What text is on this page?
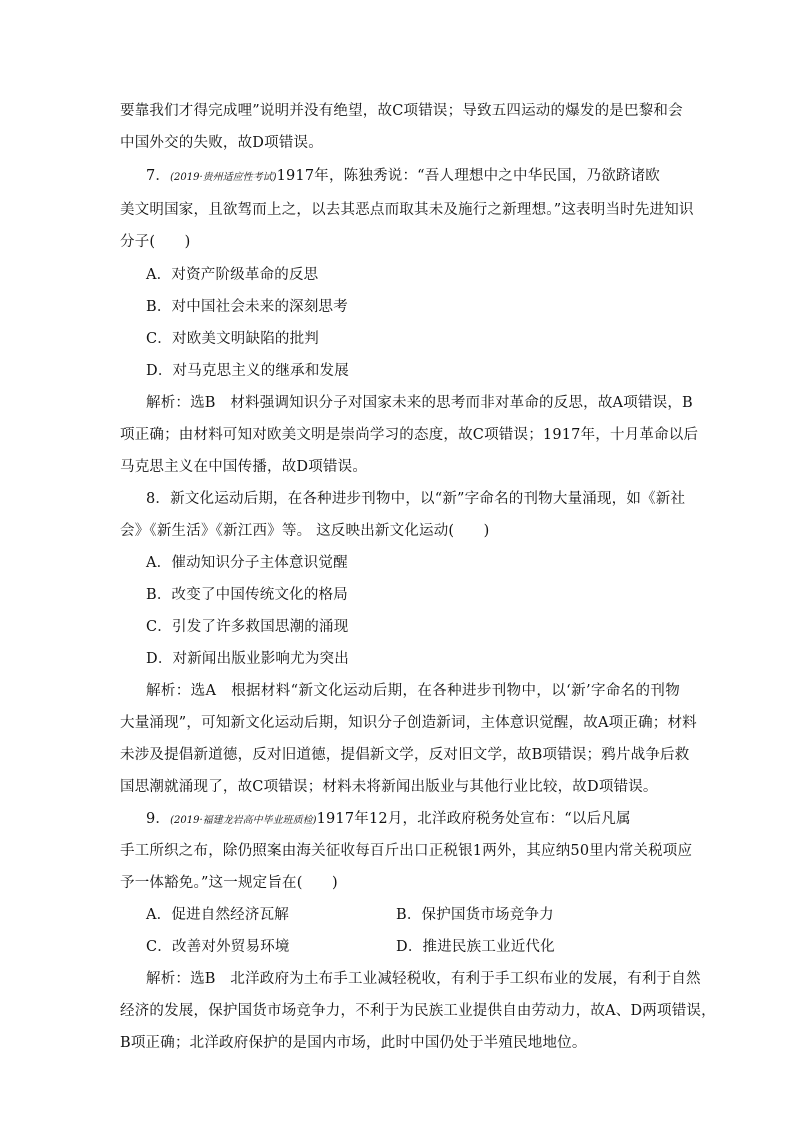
要靠我们才得完成哩”说明并没有绝望，故C项错误；导致五四运动的爆发的是巴黎和会
中国外交的失败，故D项错误。
7．(2019·贵州适应性考试)1917年，陈独秀说：“吾人理想中之中华民国，乃欲跻诸欧
美文明国家，且欲驾而上之，以去其恶点而取其未及施行之新理想。”这表明当时先进知识
分子(　　)
A．对资产阶级革命的反思
B．对中国社会未来的深刻思考
C．对欧美文明缺陷的批判
D．对马克思主义的继承和发展
解析：选B　材料强调知识分子对国家未来的思考而非对革命的反思，故A项错误，B
项正确；由材料可知对欧美文明是崇尚学习的态度，故C项错误；1917年，十月革命以后
马克思主义在中国传播，故D项错误。
8．新文化运动后期，在各种进步刊物中，以“新”字命名的刊物大量涌现，如《新社
会》《新生活》《新江西》等。 这反映出新文化运动(　　)
A．催动知识分子主体意识觉醒
B．改变了中国传统文化的格局
C．引发了许多救国思潮的涌现
D．对新闻出版业影响尤为突出
解析：选A　根据材料“新文化运动后期，在各种进步刊物中，以‘新’字命名的刊物
大量涌现”，可知新文化运动后期，知识分子创造新词，主体意识觉醒，故A项正确；材料
未涉及提倡新道德，反对旧道德，提倡新文学，反对旧文学，故B项错误；鸦片战争后救
国思潮就涌现了，故C项错误；材料未将新闻出版业与其他行业比较，故D项错误。
9．(2019·福建龙岩高中毕业班质检)1917年12月，北洋政府税务处宣布：“以后凡属
手工所织之布，除仍照案由海关征收每百斤出口正税银1两外，其应纳50里内常关税项应
予一体豁免。”这一规定旨在(　　)
A．促进自然经济瓦解	B．保护国货市场竞争力
C．改善对外贸易环境	D．推进民族工业近代化
解析：选B　北洋政府为土布手工业减轻税收，有利于手工织布业的发展，有利于自然
经济的发展，保护国货市场竞争力，不利于为民族工业提供自由劳动力，故A、D两项错误，
B项正确；北洋政府保护的是国内市场，此时中国仍处于半殖民地地位。
